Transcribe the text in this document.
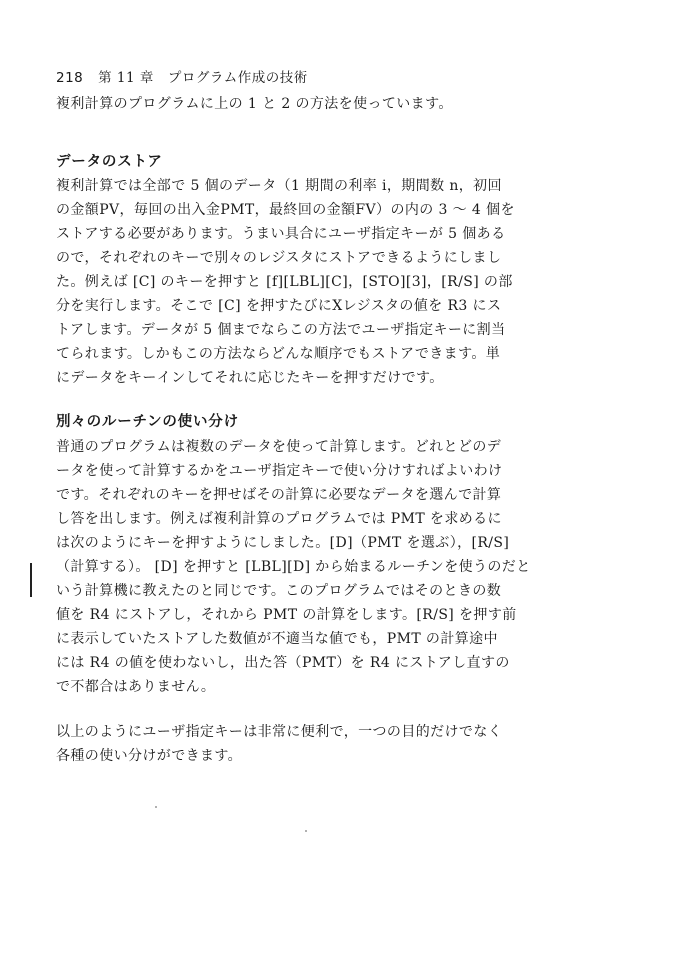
218 第 11 章　プログラム作成の技術
複利計算のプログラムに上の 1 と 2 の方法を使っています。
データのストア
複利計算では全部で 5 個のデータ（1 期間の利率 i，期間数 n，初回
の金額PV，毎回の出入金PMT，最終回の金額FV）の内の 3 ～ 4 個を
ストアする必要があります。うまい具合にユーザ指定キーが 5 個ある
ので，それぞれのキーで別々のレジスタにストアできるようにしまし
た。例えば [C] のキーを押すと [f][LBL][C]，[STO][3]，[R/S] の部
分を実行します。そこで [C] を押すたびにXレジスタの値を R3 にス
トアします。データが 5 個までならこの方法でユーザ指定キーに割当
てられます。しかもこの方法ならどんな順序でもストアできます。単
にデータをキーインしてそれに応じたキーを押すだけです。
別々のルーチンの使い分け
普通のプログラムは複数のデータを使って計算します。どれとどのデ
ータを使って計算するかをユーザ指定キーで使い分けすればよいわけ
です。それぞれのキーを押せばその計算に必要なデータを選んで計算
し答を出します。例えば複利計算のプログラムでは PMT を求めるに
は次のようにキーを押すようにしました。[D]（PMT を選ぶ），[R/S]
（計算する）。 [D] を押すと [LBL][D] から始まるルーチンを使うのだと
いう計算機に教えたのと同じです。このプログラムではそのときの数
値を R4 にストアし，それから PMT の計算をします。[R/S] を押す前
に表示していたストアした数値が不適当な値でも，PMT の計算途中
には R4 の値を使わないし，出た答（PMT）を R4 にストアし直すの
で不都合はありません。
以上のようにユーザ指定キーは非常に便利で，一つの目的だけでなく
各種の使い分けができます。
